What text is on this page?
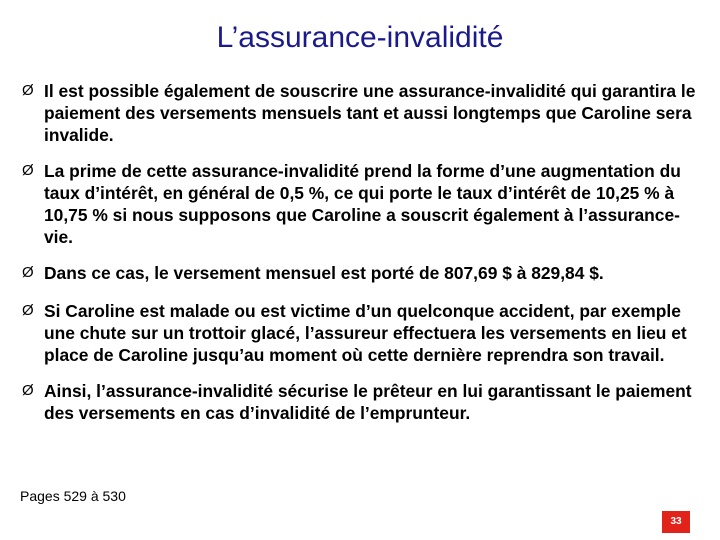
L’assurance-invalidité
Ø Il est possible également de souscrire une assurance-invalidité qui garantira le paiement des versements mensuels tant et aussi longtemps que Caroline sera invalide.
Ø La prime de cette assurance-invalidité prend la forme d’une augmentation du taux d’intérêt, en général de 0,5 %, ce qui porte le taux d’intérêt de 10,25 % à 10,75 % si nous supposons que Caroline a souscrit également à l’assurance-vie.
Ø Dans ce cas, le versement mensuel est porté de 807,69 $ à 829,84 $.
Ø Si Caroline est malade ou est victime d’un quelconque accident, par exemple une chute sur un trottoir glacé, l’assureur effectuera les versements en lieu et place de Caroline jusqu’au moment où cette dernière reprendra son travail.
Ø Ainsi, l’assurance-invalidité sécurise le prêteur en lui garantissant le paiement des versements en cas d’invalidité de l’emprunteur.
Pages 529 à 530
33
